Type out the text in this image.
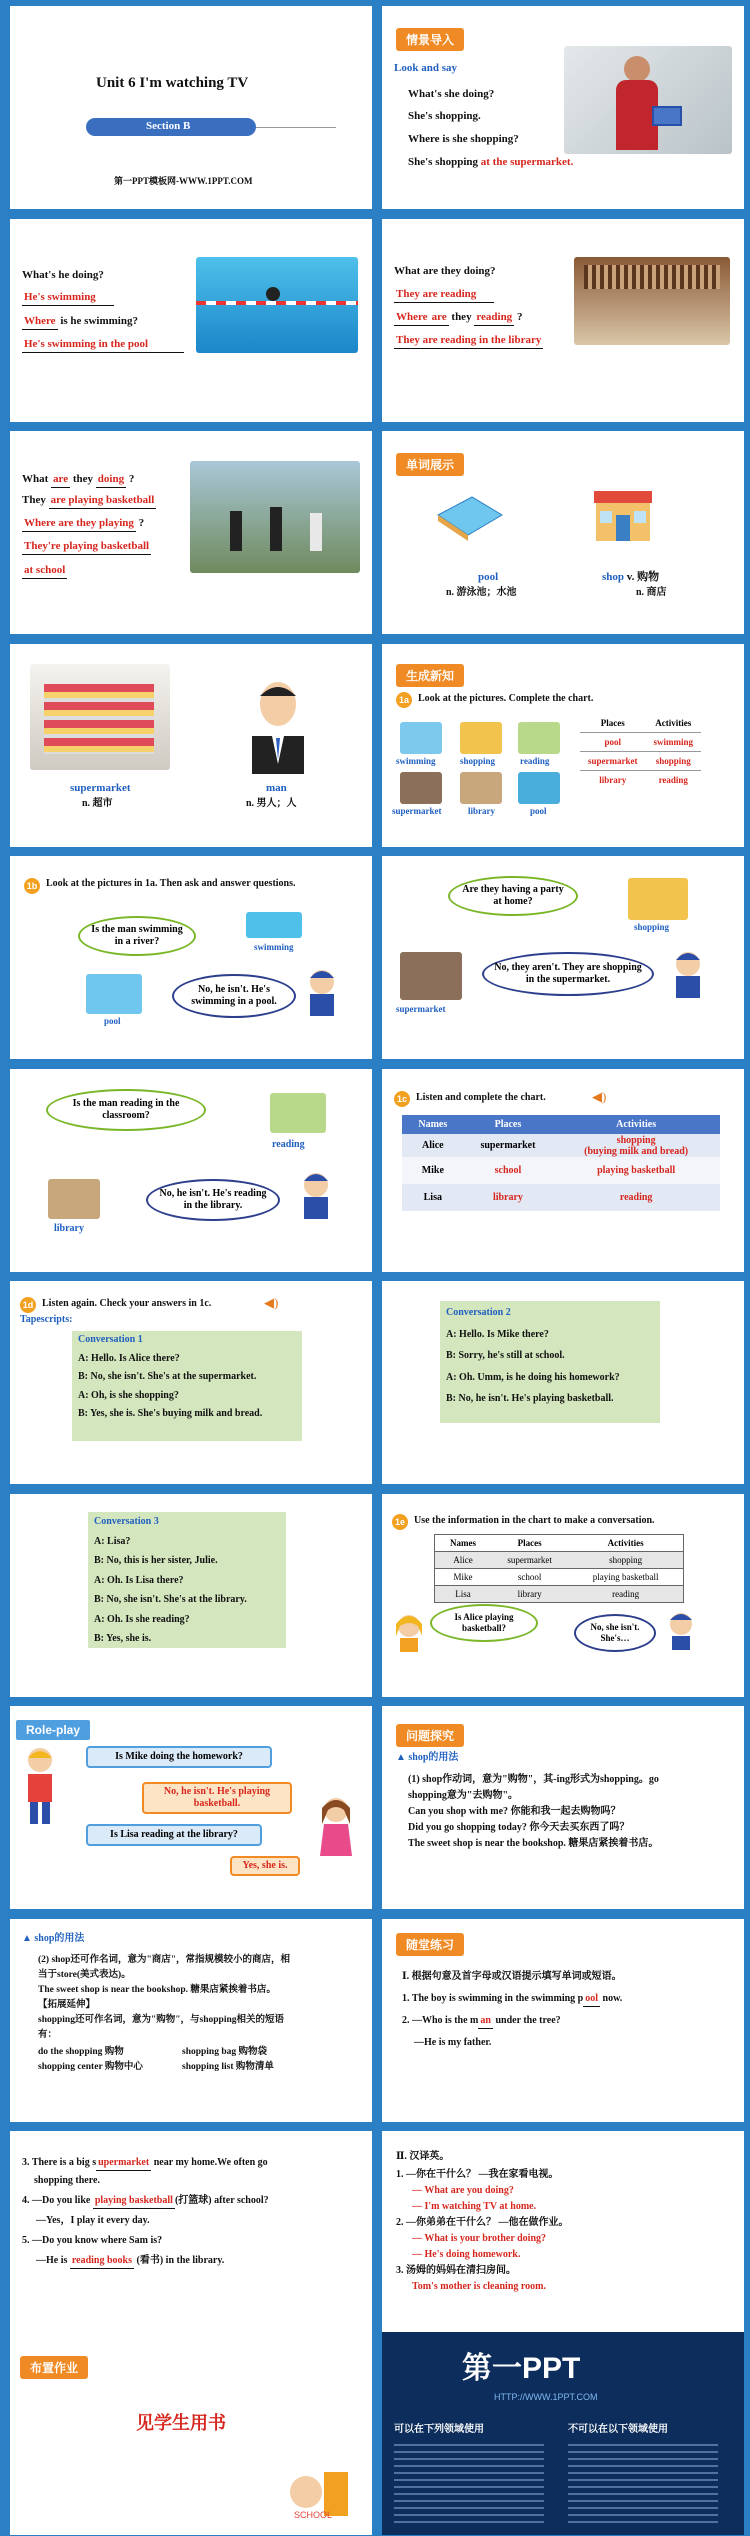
Unit 6 I'm watching TV
Section B
第一PPT模板网-WWW.1PPT.COM
情景导入
Look and say
What's she doing?
She's shopping.
Where is she shopping?
She's shopping at the supermarket.
What's he doing?
He's swimming
Where is he swimming?
He's swimming in the pool
What are they doing?
They are reading
Whereare they reading ?
They are reading in the library
What are they doing ?
They are playing basketball
Where are they playing ?
They're playing basketball
at school
单词展示
pool
n. 游泳池；水池
shop v. 购物
n. 商店
supermarket
n. 超市
man
n. 男人；人
生成新知
1a Look at the pictures. Complete the chart.
swimming	shopping	reading
supermarket	library	pool
Places	Activities
pool	swimming
supermarket	shopping
library	reading
1b Look at the pictures in 1a. Then ask and answer questions.
Is the man swimming in a river?	swimming
pool
No, he isn't. He's swimming in a pool.
Are they having a party at home?
shopping
supermarket
No, they aren't. They are shopping in the supermarket.
Is the man reading in the classroom?
reading
library
No, he isn't. He's reading in the library.
1c Listen and complete the chart.	◀)
Names	Places	Activities
Alice	supermarket	shopping
(buying milk and bread)
Mike	school	playing basketball
Lisa	library	reading
1d Listen again. Check your answers in 1c.	◀)
Tapescripts:
Conversation 1
A: Hello. Is Alice there?
B: No, she isn't. She's at the supermarket.
A: Oh, is she shopping?
B: Yes, she is. She's buying milk and bread.
Conversation 2
A: Hello. Is Mike there?
B: Sorry, he's still at school.
A: Oh. Umm, is he doing his homework?
B: No, he isn't. He's playing basketball.
Conversation 3
A: Lisa?
B: No, this is her sister, Julie.
A: Oh. Is Lisa there?
B: No, she isn't. She's at the library.
A: Oh. Is she reading?
B: Yes, she is.
1e Use the information in the chart to make a conversation.
Names	Places	Activities
Alice	supermarket	shopping
Mike	school	playing basketball
Lisa	library	reading
Is Alice playing basketball?	No, she isn't. She's…
Role-play
Is Mike doing the homework?
No, he isn't. He's playing basketball.
Is Lisa reading at the library?
Yes, she is.
问题探究
▲ shop的用法
(1) shop作动词，意为"购物"，其-ing形式为shopping。go
shopping意为"去购物"。
Can you shop with me? 你能和我一起去购物吗？
Did you go shopping today? 你今天去买东西了吗？
The sweet shop is near the bookshop. 糖果店紧挨着书店。
▲ shop的用法
(2) shop还可作名词，意为"商店"，常指规模较小的商店，相
当于store(美式表达)。
The sweet shop is near the bookshop. 糖果店紧挨着书店。
【拓展延伸】
shopping还可作名词，意为"购物"，与shopping相关的短语
有：
do the shopping 购物	shopping bag 购物袋
shopping center 购物中心	shopping list 购物清单
随堂练习
Ⅰ. 根据句意及首字母或汉语提示填写单词或短语。
1. The boy is swimming in the swimming p ool now.
2. —Who is the m an under the tree?
—He is my father.
3. There is a big s upermarket near my home.We often go
shopping there.
4. —Do you like playing basketball (打篮球) after school?
—Yes，I play it every day.
5. —Do you know where Sam is?
—He is reading books (看书) in the library.
Ⅱ. 汉译英。
1. —你在干什么？ —我在家看电视。
— What are you doing?
— I'm watching TV at home.
2. —你弟弟在干什么？ —他在做作业。
— What is your brother doing?
— He's doing homework.
3. 汤姆的妈妈在清扫房间。
Tom's mother is cleaning room.
布置作业
见学生用书
SCHOOL
第一PPT
HTTP://WWW.1PPT.COM
可以在下列领域使用	不可以在以下领域使用
